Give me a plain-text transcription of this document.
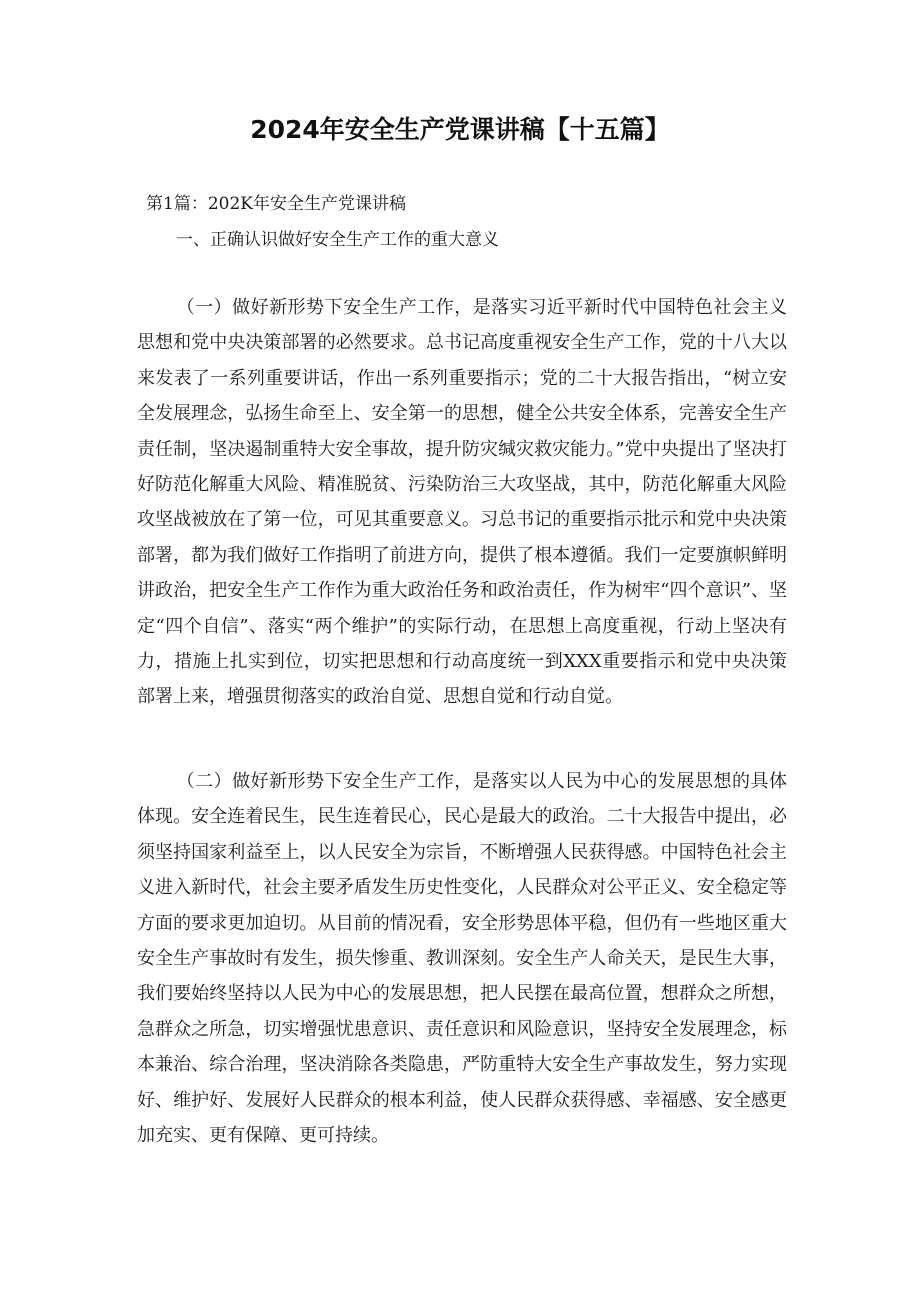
2024年安全生产党课讲稿【十五篇】
第1篇：202K年安全生产党课讲稿
一、正确认识做好安全生产工作的重大意义

（一）做好新形势下安全生产工作，是落实习近平新时代中国特色社会主义思想和党中央决策部署的必然要求。总书记高度重视安全生产工作，党的十八大以来发表了一系列重要讲话，作出一系列重要指示；党的二十大报告指出，“树立安全发展理念，弘扬生命至上、安全第一的思想，健全公共安全体系，完善安全生产责任制，坚决遏制重特大安全事故，提升防灾缄灾救灾能力。”党中央提出了坚决打好防范化解重大风险、精准脱贫、污染防治三大攻坚战，其中，防范化解重大风险攻坚战被放在了第一位，可见其重要意义。习总书记的重要指示批示和党中央决策部署，都为我们做好工作指明了前进方向，提供了根本遵循。我们一定要旗帜鲜明讲政治，把安全生产工作作为重大政治任务和政治责任，作为树牢“四个意识”、坚定“四个自信”、落实“两个维护”的实际行动，在思想上高度重视，行动上坚决有力，措施上扎实到位，切实把思想和行动高度统一到XXX重要指示和党中央决策部署上来，增强贯彻落实的政治自觉、思想自觉和行动自觉。

（二）做好新形势下安全生产工作，是落实以人民为中心的发展思想的具体体现。安全连着民生，民生连着民心，民心是最大的政治。二十大报告中提出，必须坚持国家利益至上，以人民安全为宗旨，不断增强人民获得感。中国特色社会主义进入新时代，社会主要矛盾发生历史性变化，人民群众对公平正义、安全稳定等方面的要求更加迫切。从目前的情况看，安全形势思体平稳，但仍有一些地区重大安全生产事故时有发生，损失惨重、教训深刻。安全生产人命关天，是民生大事，我们要始终坚持以人民为中心的发展思想，把人民摆在最高位置，想群众之所想，急群众之所急，切实增强忧患意识、责任意识和风险意识，坚持安全发展理念，标本兼治、综合治理，坚决消除各类隐患，严防重特大安全生产事故发生，努力实现好、维护好、发展好人民群众的根本利益，使人民群众获得感、幸福感、安全感更加充实、更有保障、更可持续。
